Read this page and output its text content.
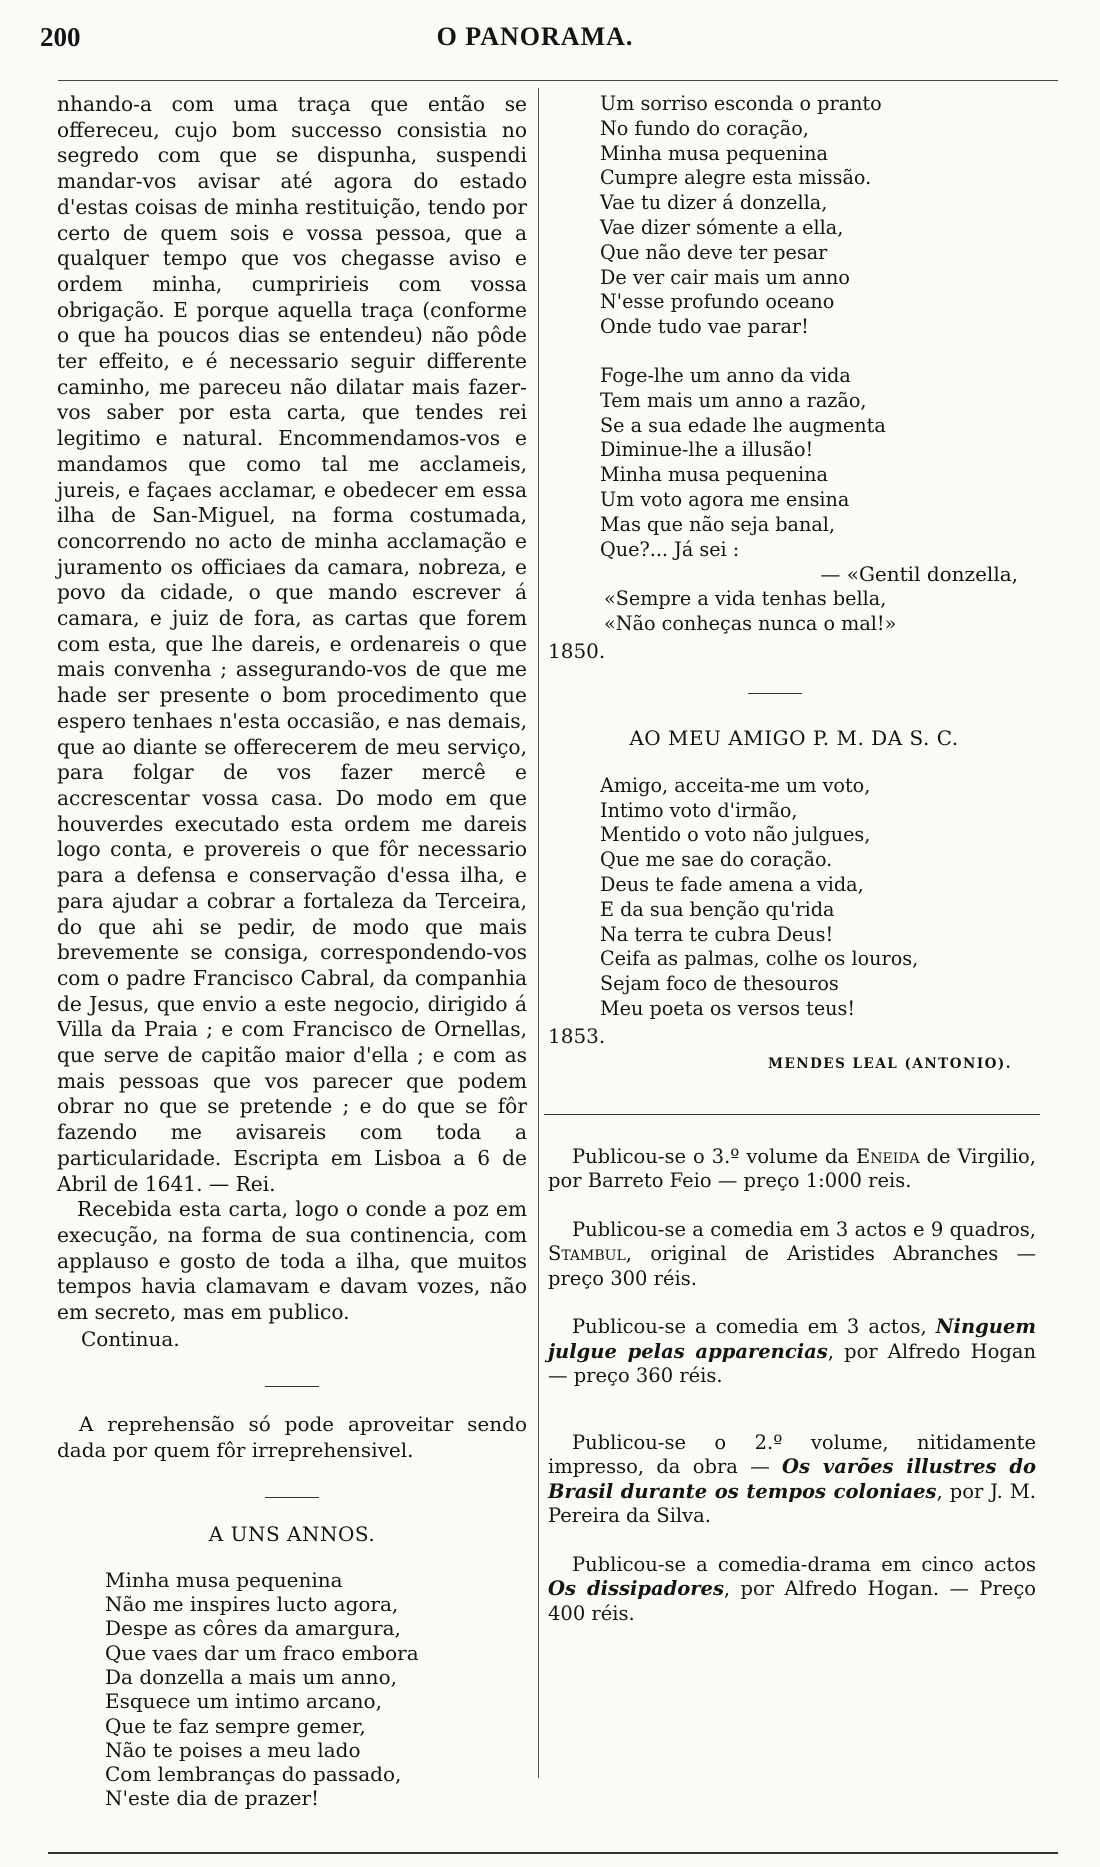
200	O PANORAMA.

nhando-a com uma traça que então se offereceu, cujo bom successo consistia no segredo com que se dispunha, suspendi mandar-vos avisar até agora do estado d'estas coisas de minha restituição, tendo por certo de quem sois e vossa pessoa, que a qualquer tempo que vos chegasse aviso e ordem minha, cumpririeis com vossa obrigação. E porque aquella traça (conforme o que ha poucos dias se entendeu) não pôde ter effeito, e é necessario seguir differente caminho, me pareceu não dilatar mais fazer-vos saber por esta carta, que tendes rei legitimo e natural. Encommendamos-vos e mandamos que como tal me acclameis, jureis, e façaes acclamar, e obedecer em essa ilha de San-Miguel, na forma costumada, concorrendo no acto de minha acclamação e juramento os officiaes da camara, nobreza, e povo da cidade, o que mando escrever á camara, e juiz de fora, as cartas que forem com esta, que lhe dareis, e ordenareis o que mais convenha ; assegurando-vos de que me hade ser presente o bom procedimento que espero tenhaes n'esta occasião, e nas demais, que ao diante se offerecerem de meu serviço, para folgar de vos fazer mercê e accrescentar vossa casa. Do modo em que houverdes executado esta ordem me dareis logo conta, e provereis o que fôr necessario para a defensa e conservação d'essa ilha, e para ajudar a cobrar a fortaleza da Terceira, do que ahi se pedir, de modo que mais brevemente se consiga, correspondendo-vos com o padre Francisco Cabral, da companhia de Jesus, que envio a este negocio, dirigido á Villa da Praia ; e com Francisco de Ornellas, que serve de capitão maior d'ella ; e com as mais pessoas que vos parecer que podem obrar no que se pretende ; e do que se fôr fazendo me avisareis com toda a particularidade. Escripta em Lisboa a 6 de Abril de 1641. — Rei.

Recebida esta carta, logo o conde a poz em execução, na forma de sua continencia, com applauso e gosto de toda a ilha, que muitos tempos havia clamavam e davam vozes, não em secreto, mas em publico.

Continua.

A reprehensão só pode aproveitar sendo dada por quem fôr irreprehensivel.

A UNS ANNOS.
Minha musa pequenina
Não me inspires lucto agora,
Despe as côres da amargura,
Que vaes dar um fraco embora
Da donzella a mais um anno,
Esquece um intimo arcano,
Que te faz sempre gemer,
Não te poises a meu lado
Com lembranças do passado,
N'este dia de prazer!
Um sorriso esconda o pranto
No fundo do coração,
Minha musa pequenina
Cumpre alegre esta missão.
Vae tu dizer á donzella,
Vae dizer sómente a ella,
Que não deve ter pesar
De ver cair mais um anno
N'esse profundo oceano
Onde tudo vae parar!
Foge-lhe um anno da vida
Tem mais um anno a razão,
Se a sua edade lhe augmenta
Diminue-lhe a illusão!
Minha musa pequenina
Um voto agora me ensina
Mas que não seja banal,
Que?... Já sei :
— «Gentil donzella,
«Sempre a vida tenhas bella,
«Não conheças nunca o mal!»
1850.
AO MEU AMIGO P. M. DA S. C.
Amigo, acceita-me um voto,
Intimo voto d'irmão,
Mentido o voto não julgues,
Que me sae do coração.
Deus te fade amena a vida,
E da sua benção qu'rida
Na terra te cubra Deus!
Ceifa as palmas, colhe os louros,
Sejam foco de thesouros
Meu poeta os versos teus!
1853.
MENDES LEAL (ANTONIO).

Publicou-se o 3.º volume da Eneida de Virgilio, por Barreto Feio — preço 1:000 reis.

Publicou-se a comedia em 3 actos e 9 quadros, Stambul, original de Aristides Abranches — preço 300 réis.

Publicou-se a comedia em 3 actos, Ninguem julgue pelas apparencias, por Alfredo Hogan — preço 360 réis.

Publicou-se o 2.º volume, nitidamente impresso, da obra — Os varões illustres do Brasil durante os tempos coloniaes, por J. M. Pereira da Silva.

Publicou-se a comedia-drama em cinco actos Os dissipadores, por Alfredo Hogan. — Preço 400 réis.
